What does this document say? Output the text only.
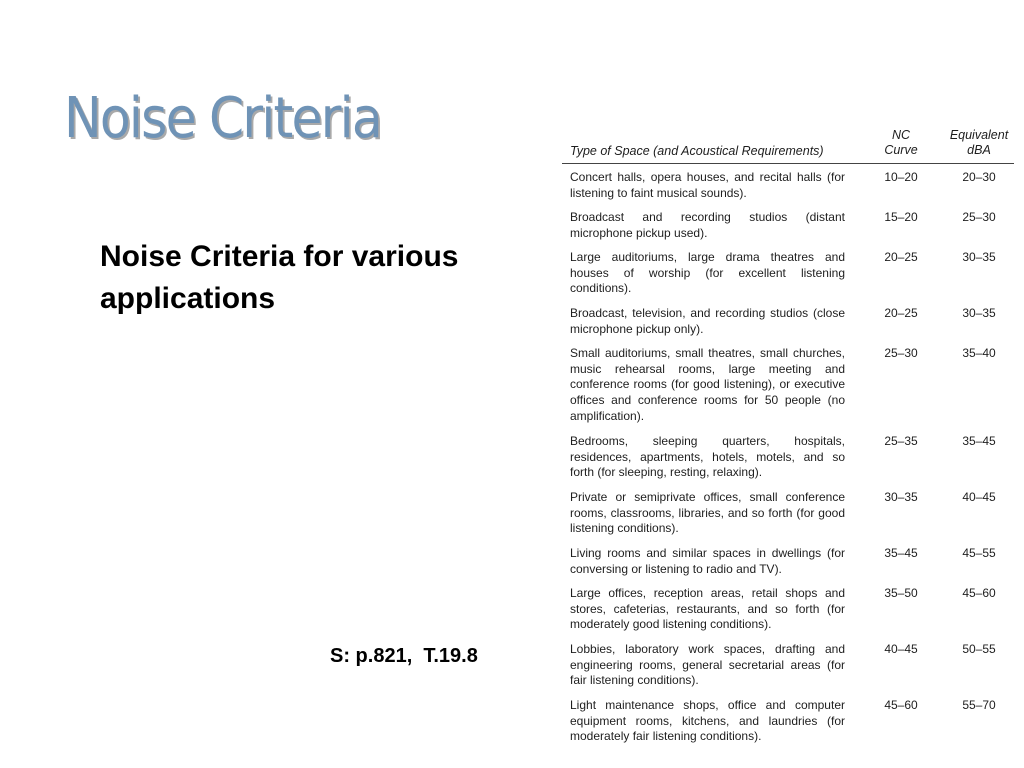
Noise Criteria
Noise Criteria for various applications
S: p.821,  T.19.8
Type of Space (and Acoustical Requirements)
NC
Curve
Equivalent
dBA
Concert halls, opera houses, and recital halls (for listening to faint musical sounds).
10–20	20–30
Broadcast and recording studios (distant microphone pickup used).
15–20	25–30
Large auditoriums, large drama theatres and houses of worship (for excellent listening conditions).
20–25	30–35
Broadcast, television, and recording studios (close microphone pickup only).
20–25	30–35
Small auditoriums, small theatres, small churches, music rehearsal rooms, large meeting and conference rooms (for good listening), or executive offices and conference rooms for 50 people (no amplification).
25–30	35–40
Bedrooms, sleeping quarters, hospitals, residences, apartments, hotels, motels, and so forth (for sleeping, resting, relaxing).
25–35	35–45
Private or semiprivate offices, small conference rooms, classrooms, libraries, and so forth (for good listening conditions).
30–35	40–45
Living rooms and similar spaces in dwellings (for conversing or listening to radio and TV).
35–45	45–55
Large offices, reception areas, retail shops and stores, cafeterias, restaurants, and so forth (for moderately good listening conditions).
35–50	45–60
Lobbies, laboratory work spaces, drafting and engineering rooms, general secretarial areas (for fair listening conditions).
40–45	50–55
Light maintenance shops, office and computer equipment rooms, kitchens, and laundries (for moderately fair listening conditions).
45–60	55–70
